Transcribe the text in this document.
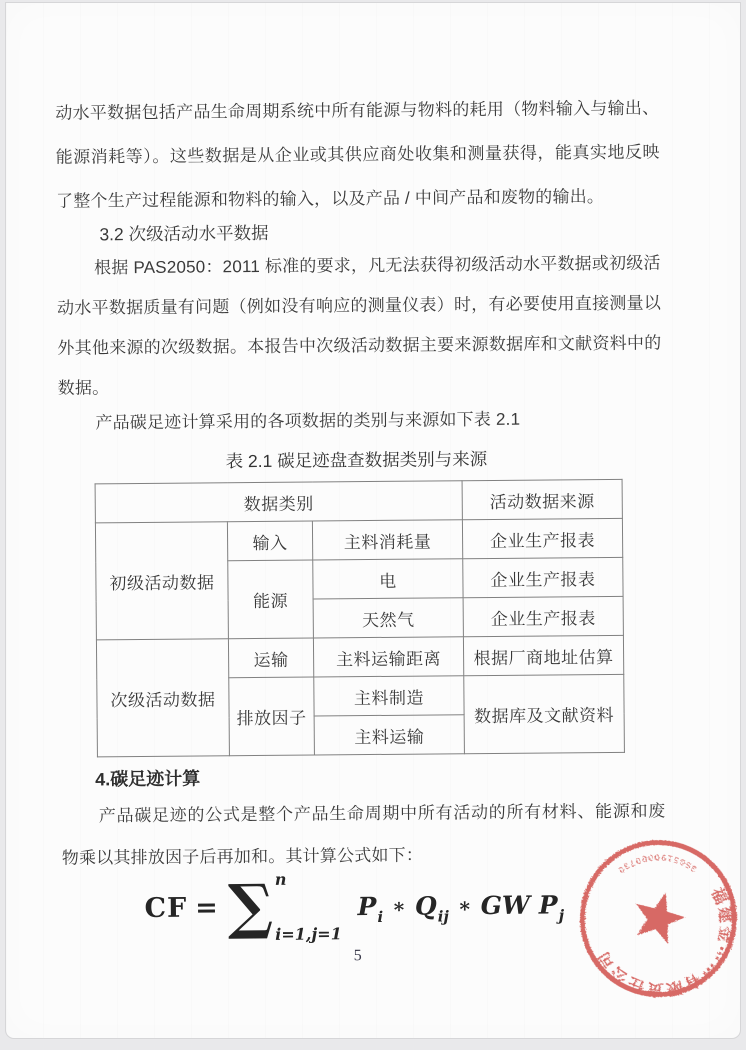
动水平数据包括产品生命周期系统中所有能源与物料的耗用（物料输入与输出、能源消耗等）。这些数据是从企业或其供应商处收集和测量获得，能真实地反映了整个生产过程能源和物料的输入，以及产品 / 中间产品和废物的输出。

3.2 次级活动水平数据

根据 PAS2050：2011 标准的要求，凡无法获得初级活动水平数据或初级活动水平数据质量有问题（例如没有响应的测量仪表）时，有必要使用直接测量以外其他来源的次级数据。本报告中次级活动数据主要来源数据库和文献资料中的数据。

产品碳足迹计算采用的各项数据的类别与来源如下表 2.1

表 2.1 碳足迹盘查数据类别与来源
数据类别			活动数据来源
初级活动数据	输入	主料消耗量	企业生产报表
	能源	电	企业生产报表
		天然气	企业生产报表
次级活动数据	运输	主料运输距离	根据厂商地址估算
	排放因子	主料制造	数据库及文献资料
		主料运输	
4.碳足迹计算

产品碳足迹的公式是整个产品生命周期中所有活动的所有材料、能源和废物乘以其排放因子后再加和。其计算公式如下：

CF = ∑ n
i=1,j=1
P i ∗ Q ij ∗ GW P j
5
福建金⋯⋯有限责任公司
3505190000730
